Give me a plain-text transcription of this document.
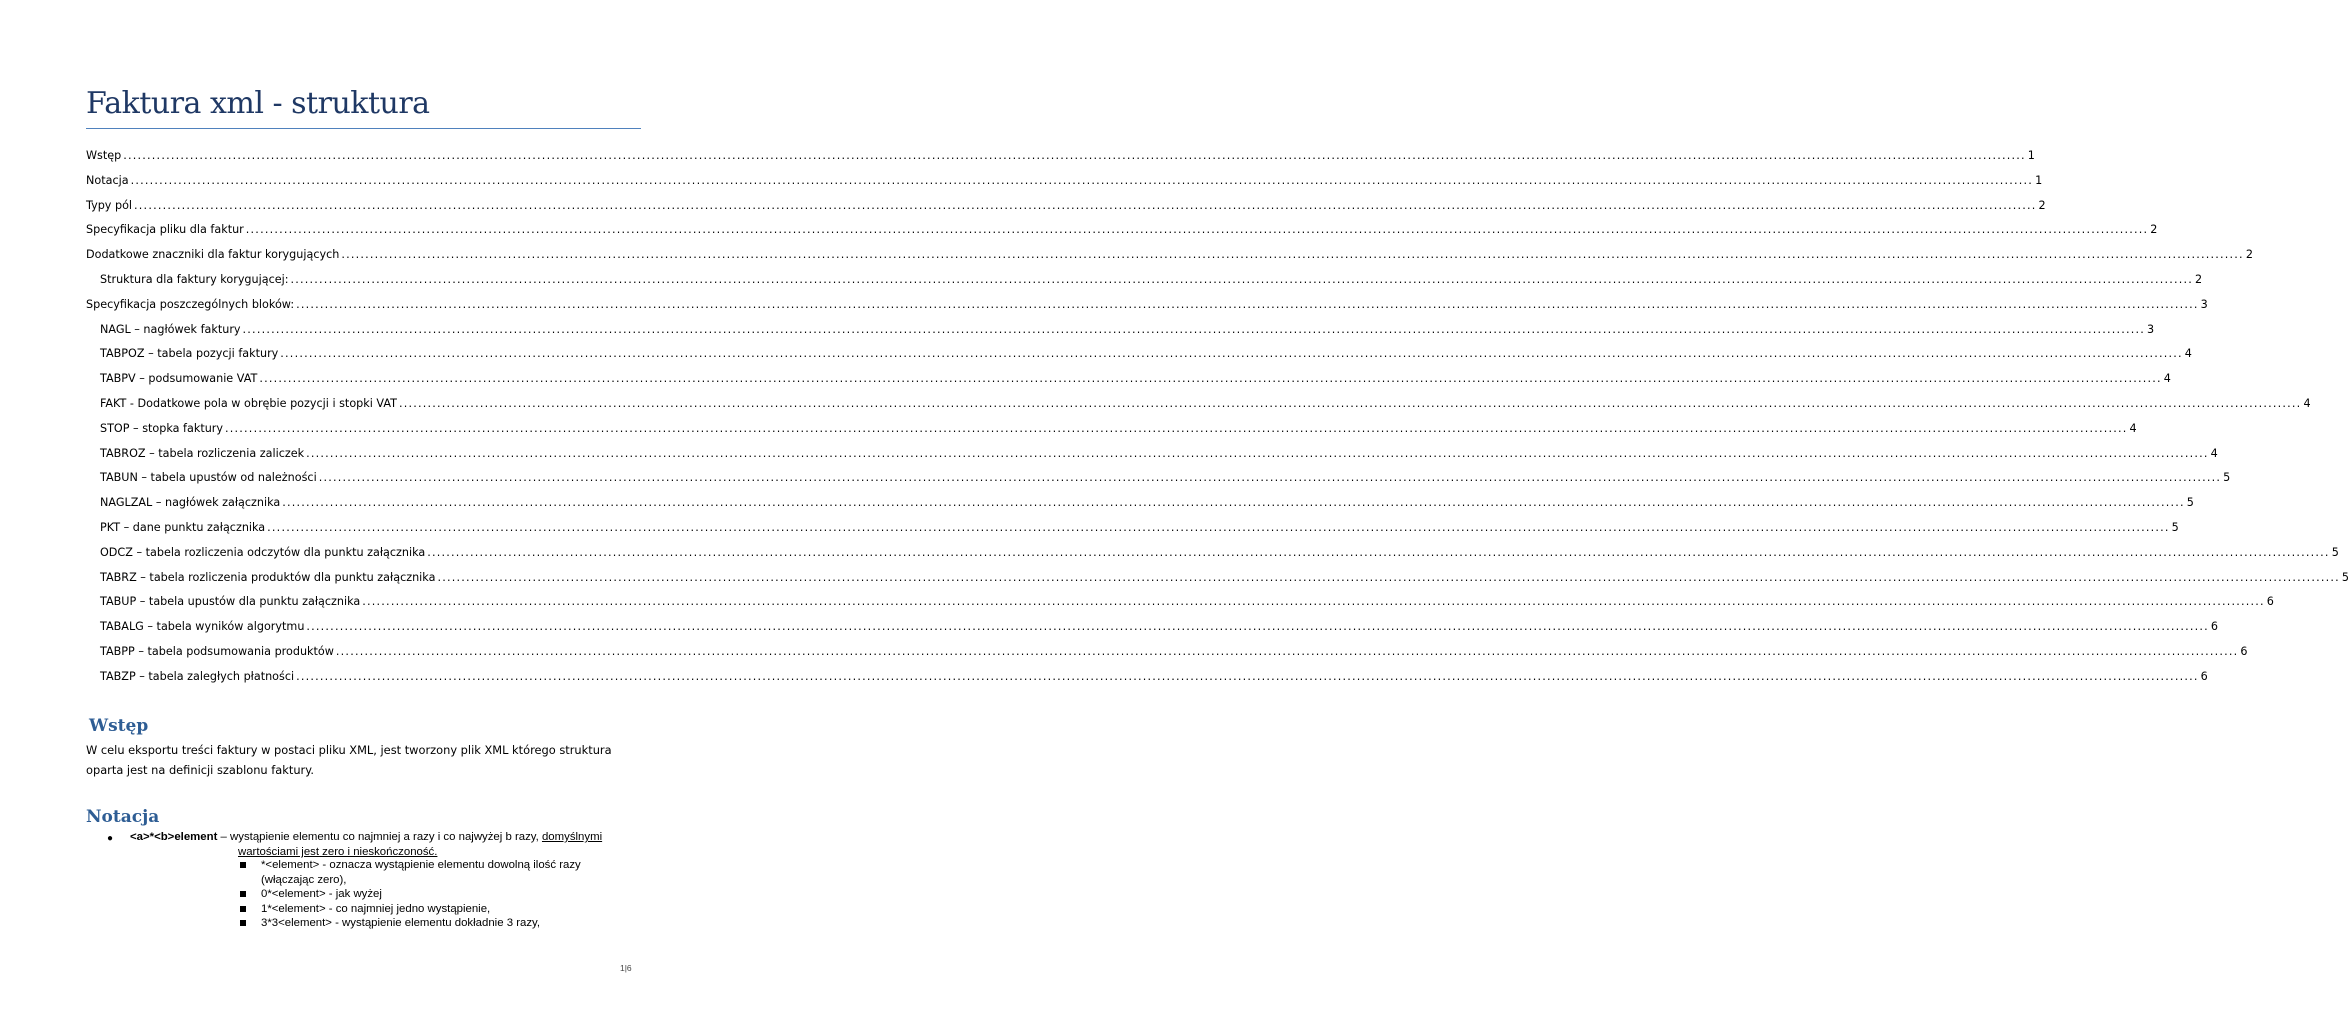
Faktura xml - struktura
Wstęp ................................................................................................................................................................................................................................................................................................................................................................................................................ 1
Notacja ................................................................................................................................................................................................................................................................................................................................................................................................................ 1
Typy pól ................................................................................................................................................................................................................................................................................................................................................................................................................ 2
Specyfikacja pliku dla faktur ................................................................................................................................................................................................................................................................................................................................................................................................................ 2
Dodatkowe znaczniki dla faktur korygujących ................................................................................................................................................................................................................................................................................................................................................................................................................ 2
Struktura dla faktury korygującej: ................................................................................................................................................................................................................................................................................................................................................................................................................ 2
Specyfikacja poszczególnych bloków: ................................................................................................................................................................................................................................................................................................................................................................................................................ 3
NAGL – nagłówek faktury ................................................................................................................................................................................................................................................................................................................................................................................................................ 3
TABPOZ – tabela pozycji faktury ................................................................................................................................................................................................................................................................................................................................................................................................................ 4
TABPV – podsumowanie VAT ................................................................................................................................................................................................................................................................................................................................................................................................................ 4
FAKT - Dodatkowe pola w obrębie pozycji i stopki VAT ................................................................................................................................................................................................................................................................................................................................................................................................................ 4
STOP – stopka faktury ................................................................................................................................................................................................................................................................................................................................................................................................................ 4
TABROZ – tabela rozliczenia zaliczek ................................................................................................................................................................................................................................................................................................................................................................................................................ 4
TABUN – tabela upustów od należności ................................................................................................................................................................................................................................................................................................................................................................................................................ 5
NAGLZAL – nagłówek załącznika ................................................................................................................................................................................................................................................................................................................................................................................................................ 5
PKT – dane punktu załącznika ................................................................................................................................................................................................................................................................................................................................................................................................................ 5
ODCZ – tabela rozliczenia odczytów dla punktu załącznika ................................................................................................................................................................................................................................................................................................................................................................................................................ 5
TABRZ – tabela rozliczenia produktów dla punktu załącznika ................................................................................................................................................................................................................................................................................................................................................................................................................ 5
TABUP – tabela upustów dla punktu załącznika ................................................................................................................................................................................................................................................................................................................................................................................................................ 6
TABALG – tabela wyników algorytmu ................................................................................................................................................................................................................................................................................................................................................................................................................ 6
TABPP – tabela podsumowania produktów ................................................................................................................................................................................................................................................................................................................................................................................................................ 6
TABZP – tabela zaległych płatności ................................................................................................................................................................................................................................................................................................................................................................................................................ 6
Wstęp

W celu eksportu treści faktury w postaci pliku XML, jest tworzony plik XML którego struktura oparta jest na definicji szablonu faktury.

Notacja
● <a>*<b>element – wystąpienie elementu co najmniej a razy i co najwyżej b razy, domyślnymi
wartościami jest zero i nieskończoność.
*<element> - oznacza wystąpienie elementu dowolną ilość razy
(włączając zero),
0*<element> - jak wyżej
1*<element> - co najmniej jedno wystąpienie,
3*3<element> - wystąpienie elementu dokładnie 3 razy,
1|6
